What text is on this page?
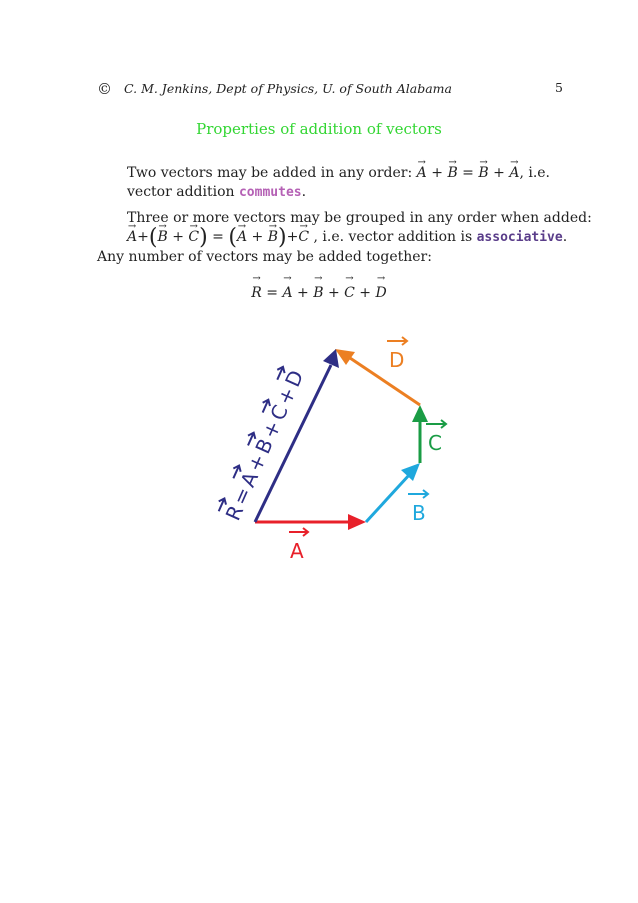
© C. M. Jenkins, Dept of Physics, U. of South Alabama	5
Properties of addition of vectors
Two vectors may be added in any order: → A + → B = → B + → A, i.e.
vector addition commutes.
Three or more vectors may be grouped in any order when added:
→ A+(→ B + → C) = (→ A + → B)+→ C , i.e. vector addition is associative.
Any number of vectors may be added together:
→ R = → A + → B + → C + → D
A
B
C
D
R=A+B+C+D
